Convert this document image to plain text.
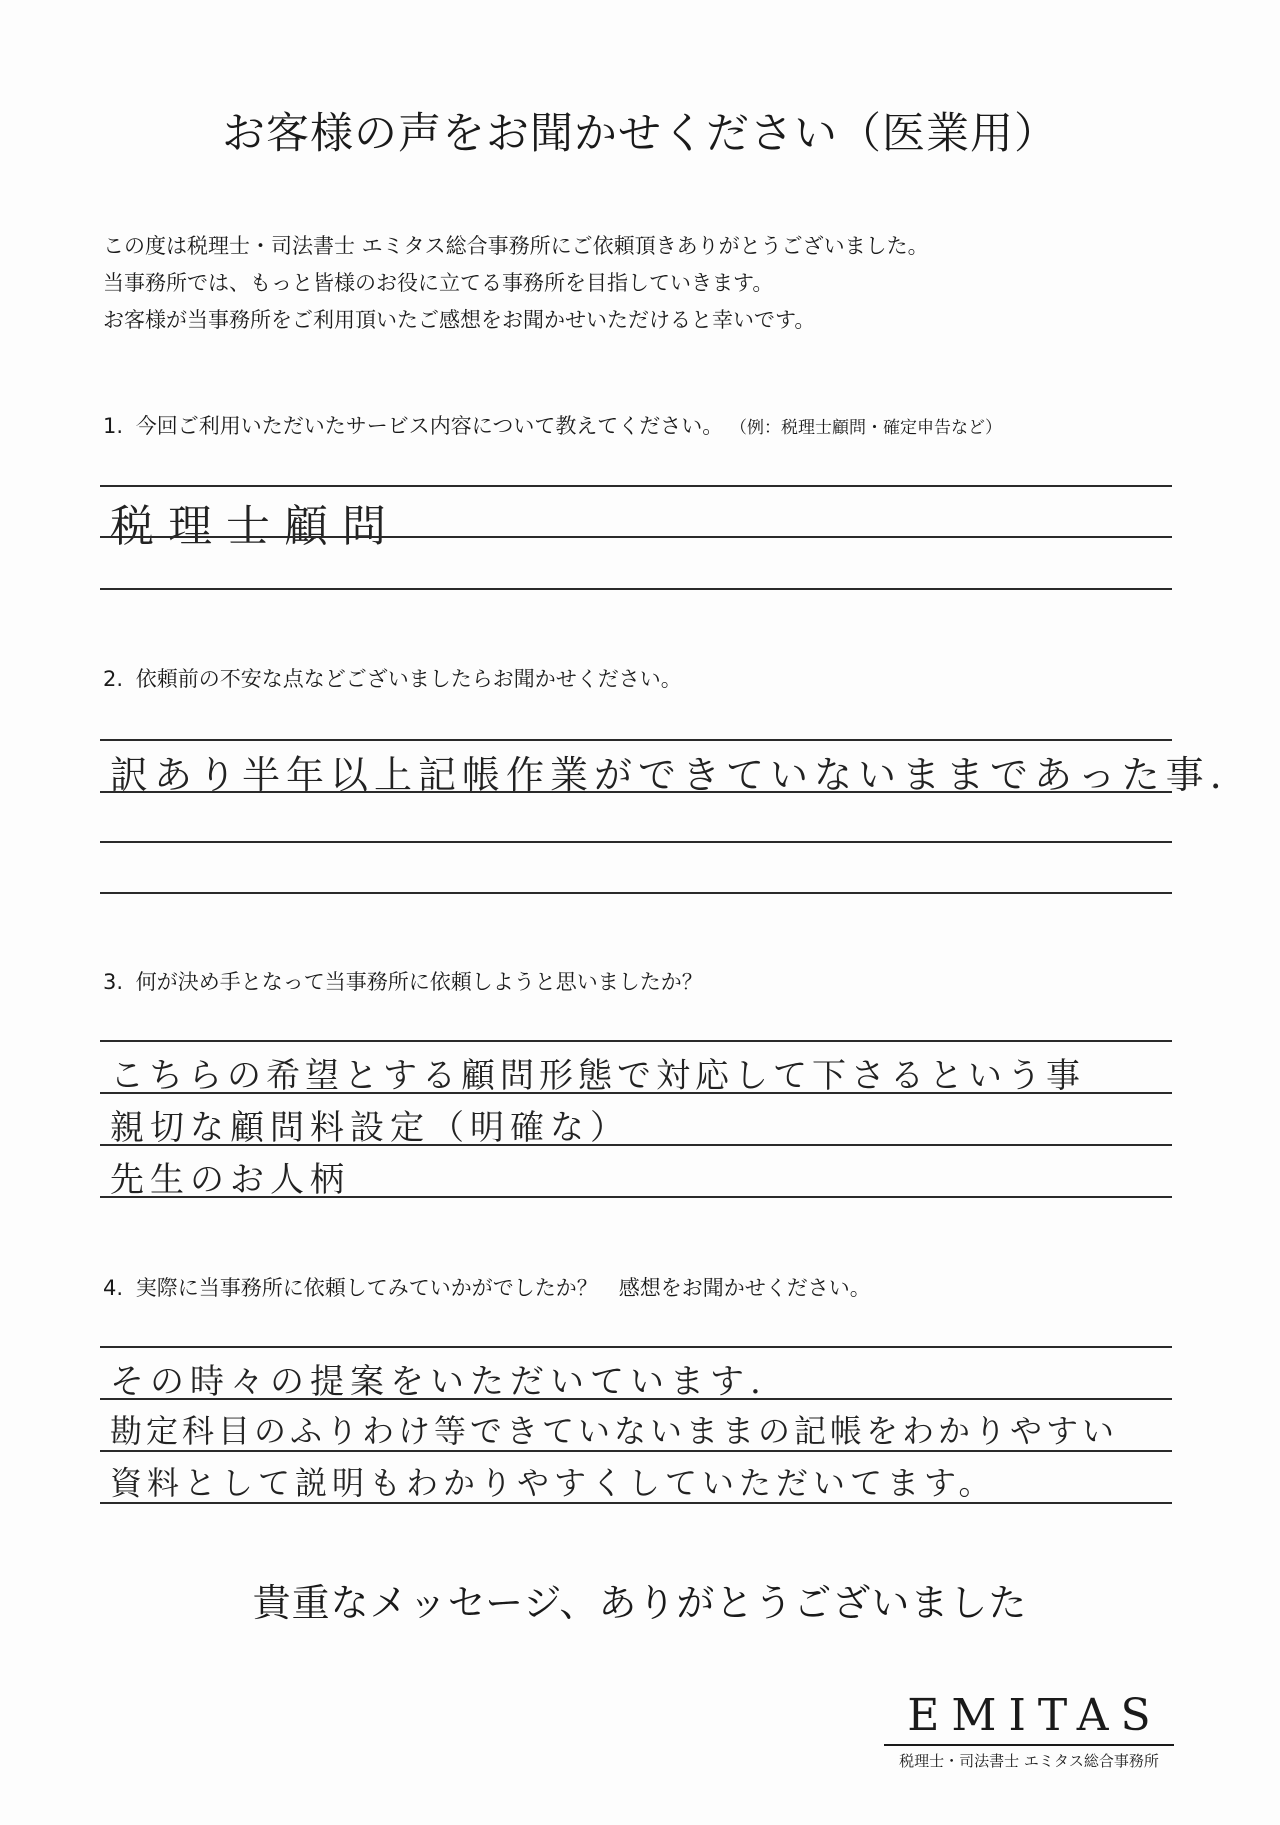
お客様の声をお聞かせください（医業用）
この度は税理士・司法書士 エミタス総合事務所にご依頼頂きありがとうございました。
当事務所では、もっと皆様のお役に立てる事務所を目指していきます。
お客様が当事務所をご利用頂いたご感想をお聞かせいただけると幸いです。
1. 今回ご利用いただいたサービス内容について教えてください。 （例：税理士顧問・確定申告など）
税理士顧問
2. 依頼前の不安な点などございましたらお聞かせください。
訳あり半年以上記帳作業ができていないままであった事.
3. 何が決め手となって当事務所に依頼しようと思いましたか？
こちらの希望とする顧問形態で対応して下さるという事
親切な顧問料設定（明確な）
先生のお人柄
4. 実際に当事務所に依頼してみていかがでしたか？　感想をお聞かせください。
その時々の提案をいただいています.
勘定科目のふりわけ等できていないままの記帳をわかりやすい
資料として説明もわかりやすくしていただいてます。
貴重なメッセージ、ありがとうございました
EMITAS
税理士・司法書士 エミタス総合事務所
